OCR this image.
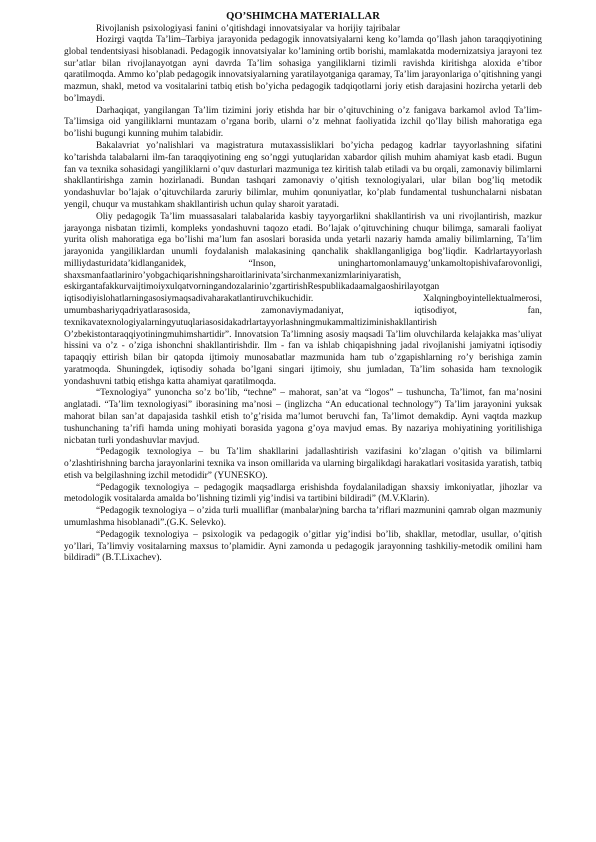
QO’SHIMCHA MATERIALLAR

Rivojlanish psixologiyasi fanini o’qitishdagi innovatsiyalar va horijiy tajribalar

Hozirgi vaqtda Ta’lim–Tarbiya jarayonida pedagogik innovatsiyalarni keng ko’lamda qo’llash jahon taraqqiyotining global tendentsiyasi hisoblanadi. Pedagogik innovatsiyalar ko’lamining ortib borishi, mamlakatda modernizatsiya jarayoni tez sur’atlar bilan rivojlanayotgan ayni davrda Ta’lim sohasiga yangiliklarni tizimli ravishda kiritishga aloxida e’tibor qaratilmoqda. Ammo ko’plab pedagogik innovatsiyalarning yaratilayotganiga qaramay, Ta’lim jarayonlariga o’qitishning yangi mazmun, shakl, metod va vositalarini tatbiq etish bo’yicha pedagogik tadqiqotlarni joriy etish darajasini hozircha yetarli deb bo’lmaydi.

Darhaqiqat, yangilangan Ta’lim tizimini joriy etishda har bir o’qituvchining o’z fanigava barkamol avlod Ta’lim-Ta’limsiga oid yangiliklarni muntazam o’rgana borib, ularni o’z mehnat faoliyatida izchil qo’llay bilish mahoratiga ega bo’lishi bugungi kunning muhim talabidir.

Bakalavriat yo’nalishlari va magistratura mutaxassisliklari bo’yicha pedagog kadrlar tayyorlashning sifatini ko’tarishda talabalarni ilm-fan taraqqiyotining eng so’nggi yutuqlaridan xabardor qilish muhim ahamiyat kasb etadi. Bugun fan va texnika sohasidagi yangiliklarni o’quv dasturlari mazmuniga tez kiritish talab etiladi va bu orqali, zamonaviy bilimlarni shakllantirishga zamin hozirlanadi. Bundan tashqari zamonaviy o’qitish texnologiyalari, ular bilan bog’liq metodik yondashuvlar bo’lajak o’qituvchilarda zaruriy bilimlar, muhim qonuniyatlar, ko’plab fundamental tushunchalarni nisbatan yengil, chuqur va mustahkam shakllantirish uchun qulay sharoit yaratadi.

Oliy pedagogik Ta’lim muassasalari talabalarida kasbiy tayyorgarlikni shakllantirish va uni rivojlantirish, mazkur jarayonga nisbatan tizimli, kompleks yondashuvni taqozo etadi. Bo’lajak o’qituvchining chuqur bilimga, samarali faoliyat yurita olish mahoratiga ega bo’lishi ma’lum fan asoslari borasida unda yetarli nazariy hamda amaliy bilimlarning, Ta’lim jarayonida yangiliklardan unumli foydalanish malakasining qanchalik shakllanganligiga bog’liqdir. Kadrlartayyorlash milliydasturidata’kidlanganidek, “Inson, uninghartomonlamauyg’unkamoltopishivafarovonligi, shaxsmanfaatlariniro’yobgachiqarishningsharoitlarinivata’sirchanmexanizmlariniyaratish, eskirgantafakkurvaijtimoiyxulqatvorningandozalarinio’zgartirishRespublikadaamalgaoshirilayotgan iqtisodiyislohatlarningasosiymaqsadivaharakatlantiruvchikuchidir. Xalqningboyintellektualmerosi, umumbashariyqadriyatlarasosida, zamonaviymadaniyat, iqtisodiyot, fan, texnikavatexnologiyalarningyutuqlariasosidakadrlartayyorlashningmukammaltiziminishakllantirish O’zbekistontaraqqiyotiningmuhimshartidir”. Innovatsion Ta’limning asosiy maqsadi Ta’lim oluvchilarda kelajakka mas’uliyat hissini va o’z - o’ziga ishonchni shakllantirishdir. Ilm - fan va ishlab chiqapishning jadal rivojlanishi jamiyatni iqtisodiy tapaqqiy ettirish bilan bir qatopda ijtimoiy munosabatlar mazmunida ham tub o’zgapishlarning ro’y berishiga zamin yaratmoqda. Shuningdek, iqtisodiy sohada bo’lgani singari ijtimoiy, shu jumladan, Ta’lim sohasida ham texnologik yondashuvni tatbiq etishga katta ahamiyat qaratilmoqda.

“Texnologiya” yunoncha so’z bo’lib, “techne” – mahorat, san’at va “logos” – tushuncha, Ta’limot, fan ma’nosini anglatadi. “Ta’lim texnologiyasi” iborasining ma’nosi – (inglizcha “An educational technology”) Ta’lim jarayonini yuksak mahorat bilan san’at dapajasida tashkil etish to’g’risida ma’lumot beruvchi fan, Ta’limot demakdip. Ayni vaqtda mazkup tushunchaning ta’rifi hamda uning mohiyati borasida yagona g’oya mavjud emas. By nazariya mohiyatining yoritilishiga nicbatan turli yondashuvlar mavjud.

“Pedagogik texnologiya – bu Ta’lim shakllarini jadallashtirish vazifasini ko’zlagan o’qitish va bilimlarni o’zlashtirishning barcha jarayonlarini texnika va inson omillarida va ularning birgalikdagi harakatlari vositasida yaratish, tatbiq etish va belgilashning izchil metodidir” (YUNESKO).

“Pedagogik texnologiya – pedagogik maqsadlarga erishishda foydalaniladigan shaxsiy imkoniyatlar, jihozlar va metodologik vositalarda amalda bo’lishning tizimli yig’indisi va tartibini bildiradi” (M.V.Klarin).

“Pedagogik texnologiya – o’zida turli mualliflar (manbalar)ning barcha ta’riflari mazmunini qamrab olgan mazmuniy umumlashma hisoblanadi”.(G.K. Selevko).

“Pedagogik texnologiya – psixologik va pedagogik o’gitlar yig’indisi bo’lib, shakllar, metodlar, usullar, o’qitish yo’llari, Ta’limviy vositalarning maxsus to’plamidir. Ayni zamonda u pedagogik jarayonning tashkiliy-metodik omilini ham bildiradi” (B.T.Lixachev).
